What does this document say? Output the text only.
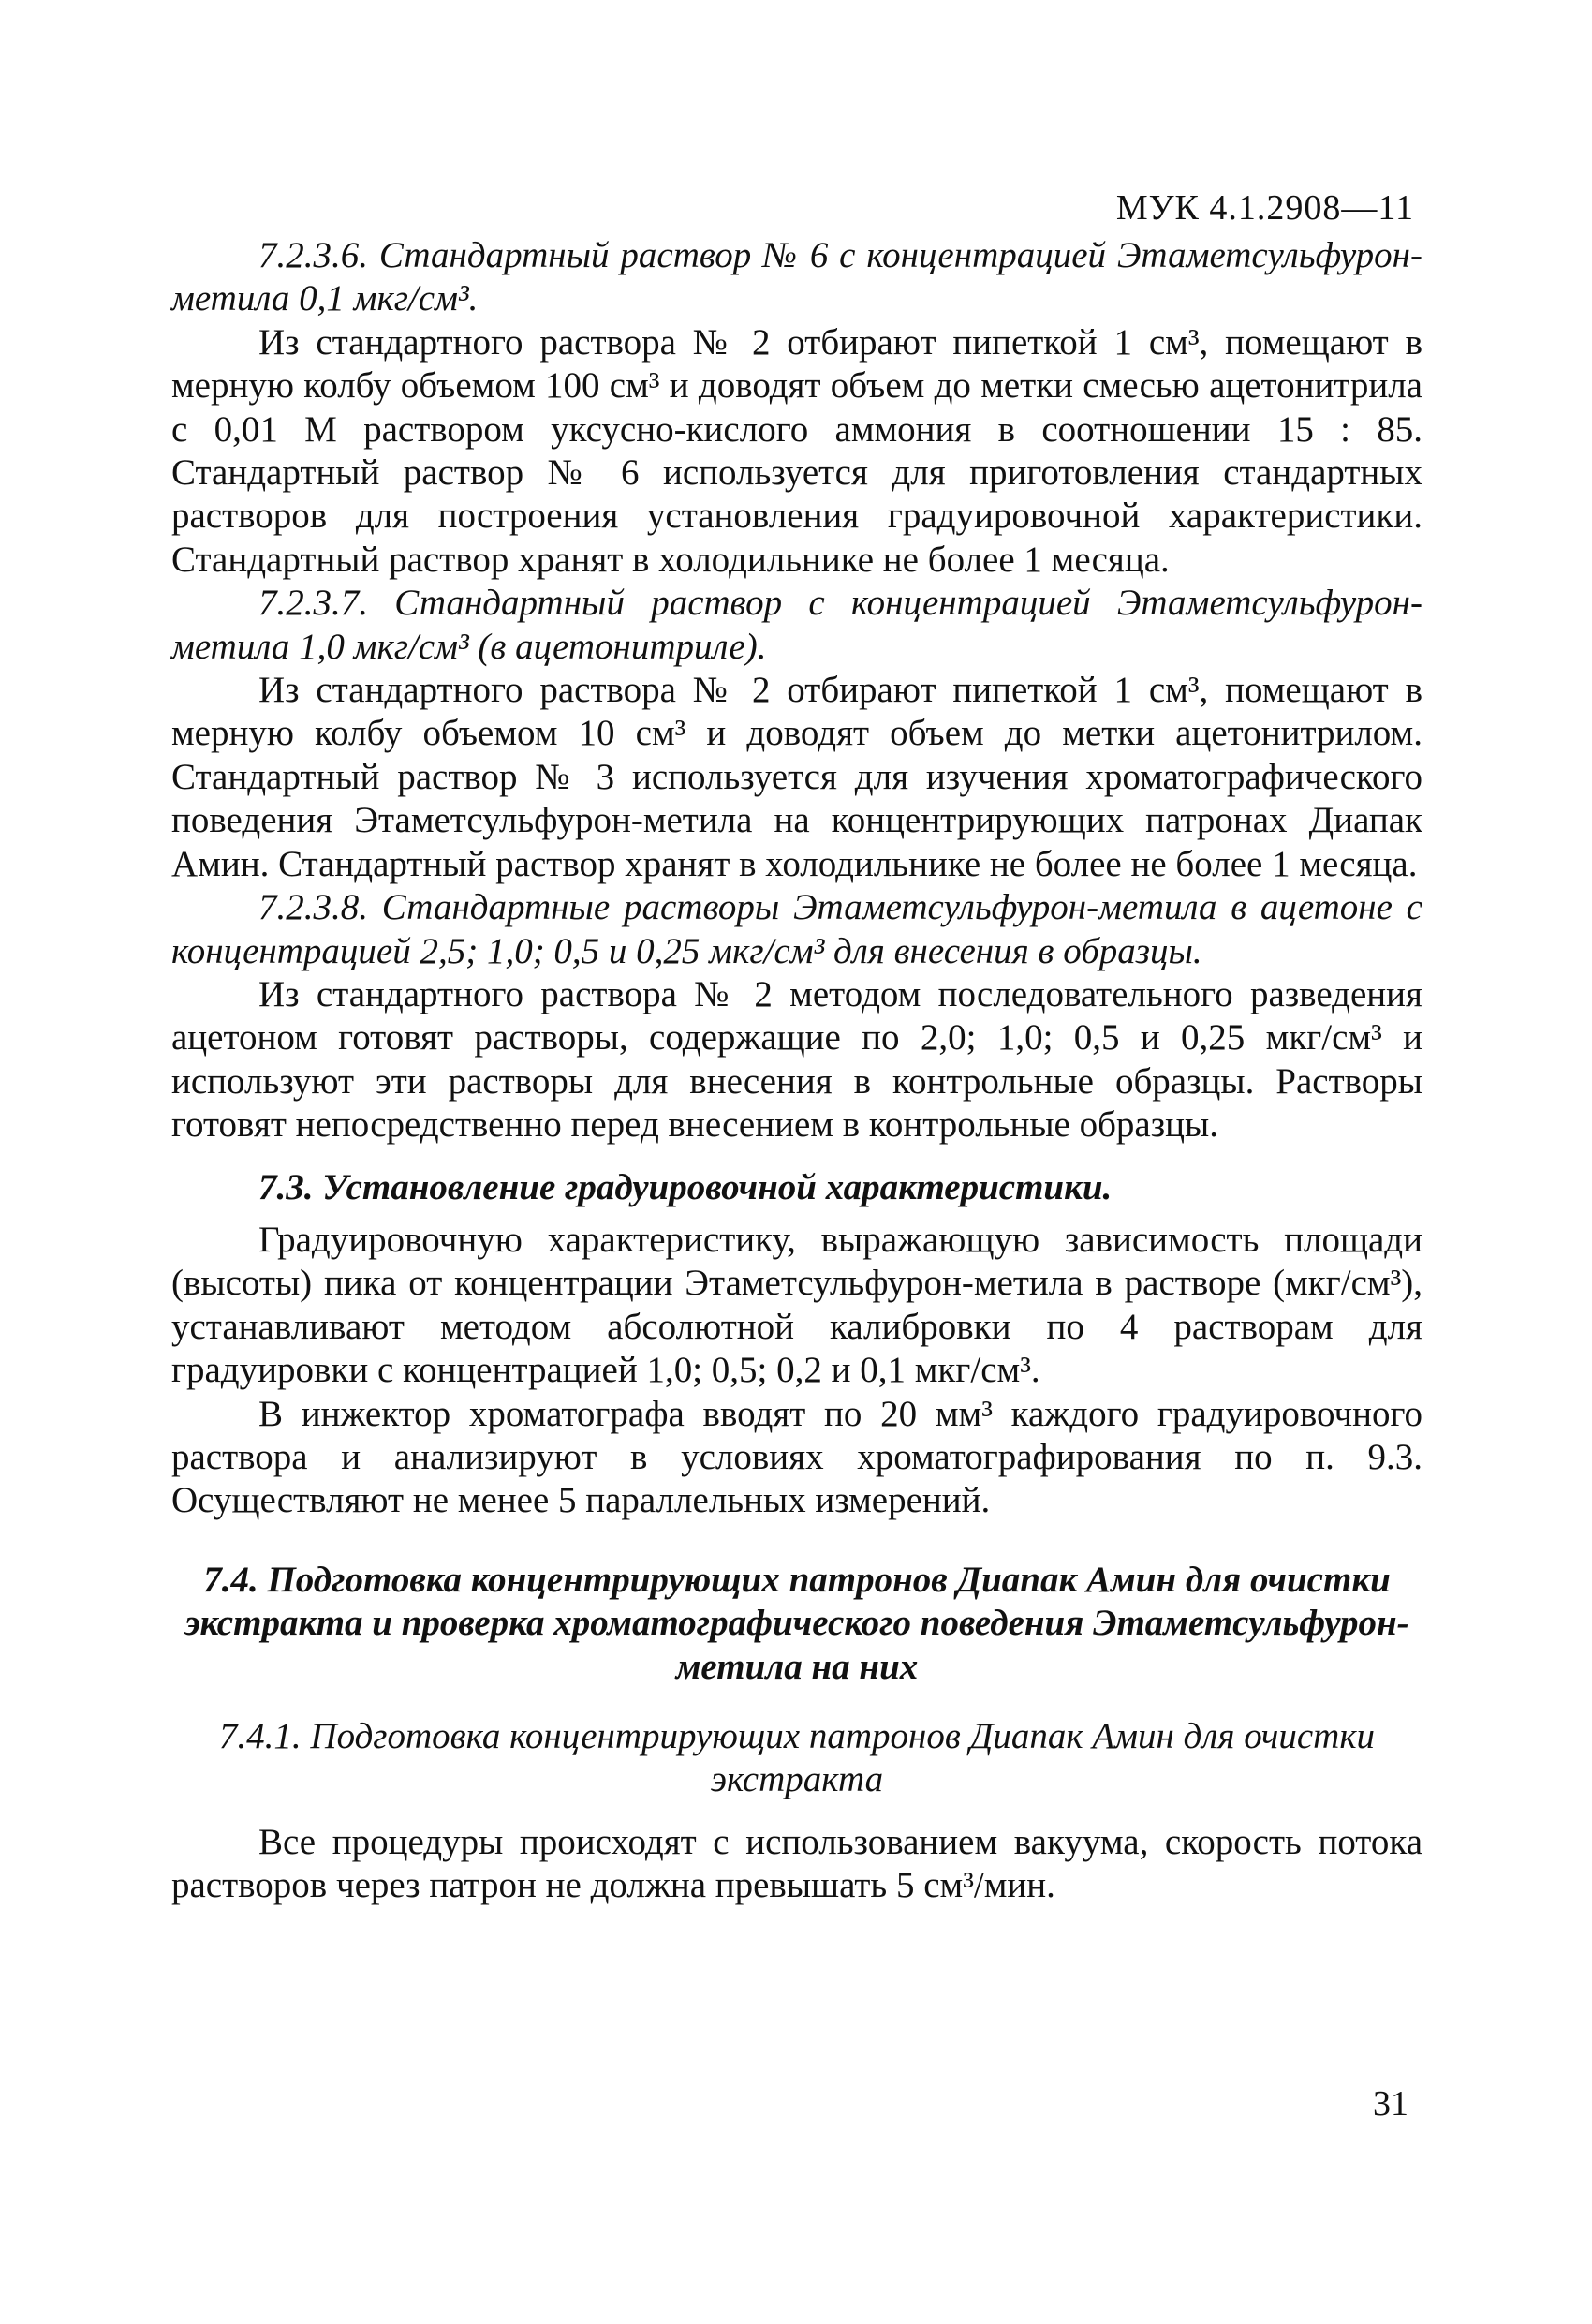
МУК 4.1.2908—11

7.2.3.6. Стандартный раствор № 6 с концентрацией Этаметсульфурон-метила 0,1 мкг/см³.

Из стандартного раствора № 2 отбирают пипеткой 1 см³, помещают в мерную колбу объемом 100 см³ и доводят объем до метки смесью ацетонитрила с 0,01 М раствором уксусно-кислого аммония в соотношении 15 : 85. Стандартный раствор № 6 используется для приготовления стандартных растворов для построения установления градуировочной характеристики. Стандартный раствор хранят в холодильнике не более 1 месяца.

7.2.3.7. Стандартный раствор с концентрацией Этаметсульфурон-метила 1,0 мкг/см³ (в ацетонитриле).

Из стандартного раствора № 2 отбирают пипеткой 1 см³, помещают в мерную колбу объемом 10 см³ и доводят объем до метки ацетонитрилом. Стандартный раствор № 3 используется для изучения хроматографического поведения Этаметсульфурон-метила на концентрирующих патронах Диапак Амин. Стандартный раствор хранят в холодильнике не более не более 1 месяца.

7.2.3.8. Стандартные растворы Этаметсульфурон-метила в ацетоне с концентрацией 2,5; 1,0; 0,5 и 0,25 мкг/см³ для внесения в образцы.

Из стандартного раствора № 2 методом последовательного разведения ацетоном готовят растворы, содержащие по 2,0; 1,0; 0,5 и 0,25 мкг/см³ и используют эти растворы для внесения в контрольные образцы. Растворы готовят непосредственно перед внесением в контрольные образцы.

7.3. Установление градуировочной характеристики.

Градуировочную характеристику, выражающую зависимость площади (высоты) пика от концентрации Этаметсульфурон-метила в растворе (мкг/см³), устанавливают методом абсолютной калибровки по 4 растворам для градуировки с концентрацией 1,0; 0,5; 0,2 и 0,1 мкг/см³.

В инжектор хроматографа вводят по 20 мм³ каждого градуировочного раствора и анализируют в условиях хроматографирования по п. 9.3. Осуществляют не менее 5 параллельных измерений.

7.4. Подготовка концентрирующих патронов Диапак Амин для очистки экстракта и проверка хроматографического поведения Этаметсульфурон-метила на них

7.4.1. Подготовка концентрирующих патронов Диапак Амин для очистки экстракта

Все процедуры происходят с использованием вакуума, скорость потока растворов через патрон не должна превышать 5 см³/мин.

31
